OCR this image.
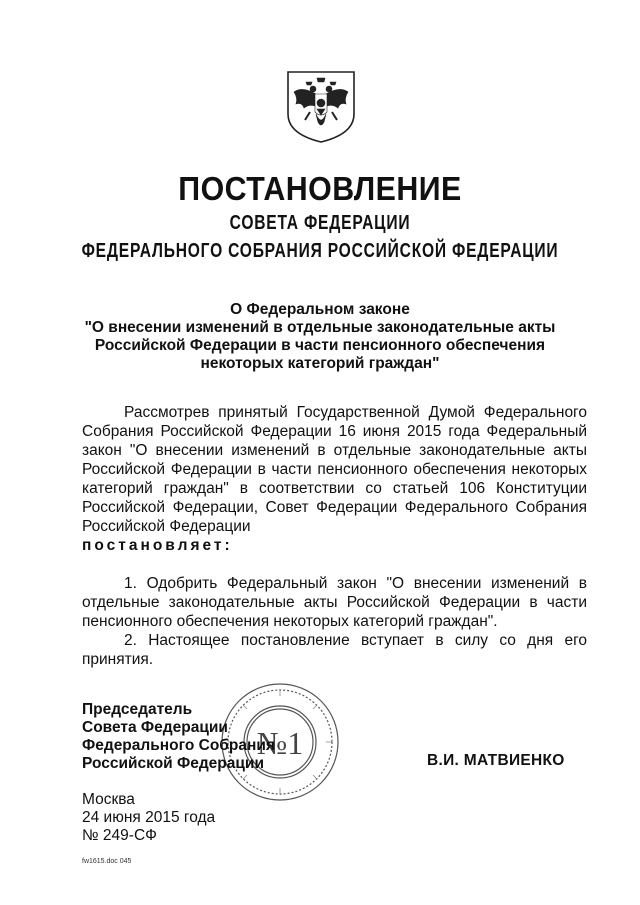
ПОСТАНОВЛЕНИЕ
СОВЕТА ФЕДЕРАЦИИ
ФЕДЕРАЛЬНОГО СОБРАНИЯ РОССИЙСКОЙ ФЕДЕРАЦИИ
О Федеральном законе
"О внесении изменений в отдельные законодательные акты
Российской Федерации в части пенсионного обеспечения
некоторых категорий граждан"
Рассмотрев принятый Государственной Думой Федерального Собрания Российской Федерации 16 июня 2015 года Федеральный закон "О внесении изменений в отдельные законодательные акты Российской Федерации в части пенсионного обеспечения некоторых категорий граждан" в соответствии со статьей 106 Конституции Российской Федерации, Совет Федерации Федерального Собрания Российской Федерации
постановляет:

1. Одобрить Федеральный закон "О внесении изменений в отдельные законодательные акты Российской Федерации в части пенсионного обеспечения некоторых категорий граждан".

2. Настоящее постановление вступает в силу со дня его принятия.

№1
Председатель
Совета Федерации
Федерального Собрания
Российской Федерации	В.И. МАТВИЕНКО
Москва
24 июня 2015 года
№ 249-СФ
fw1615.doc 045
